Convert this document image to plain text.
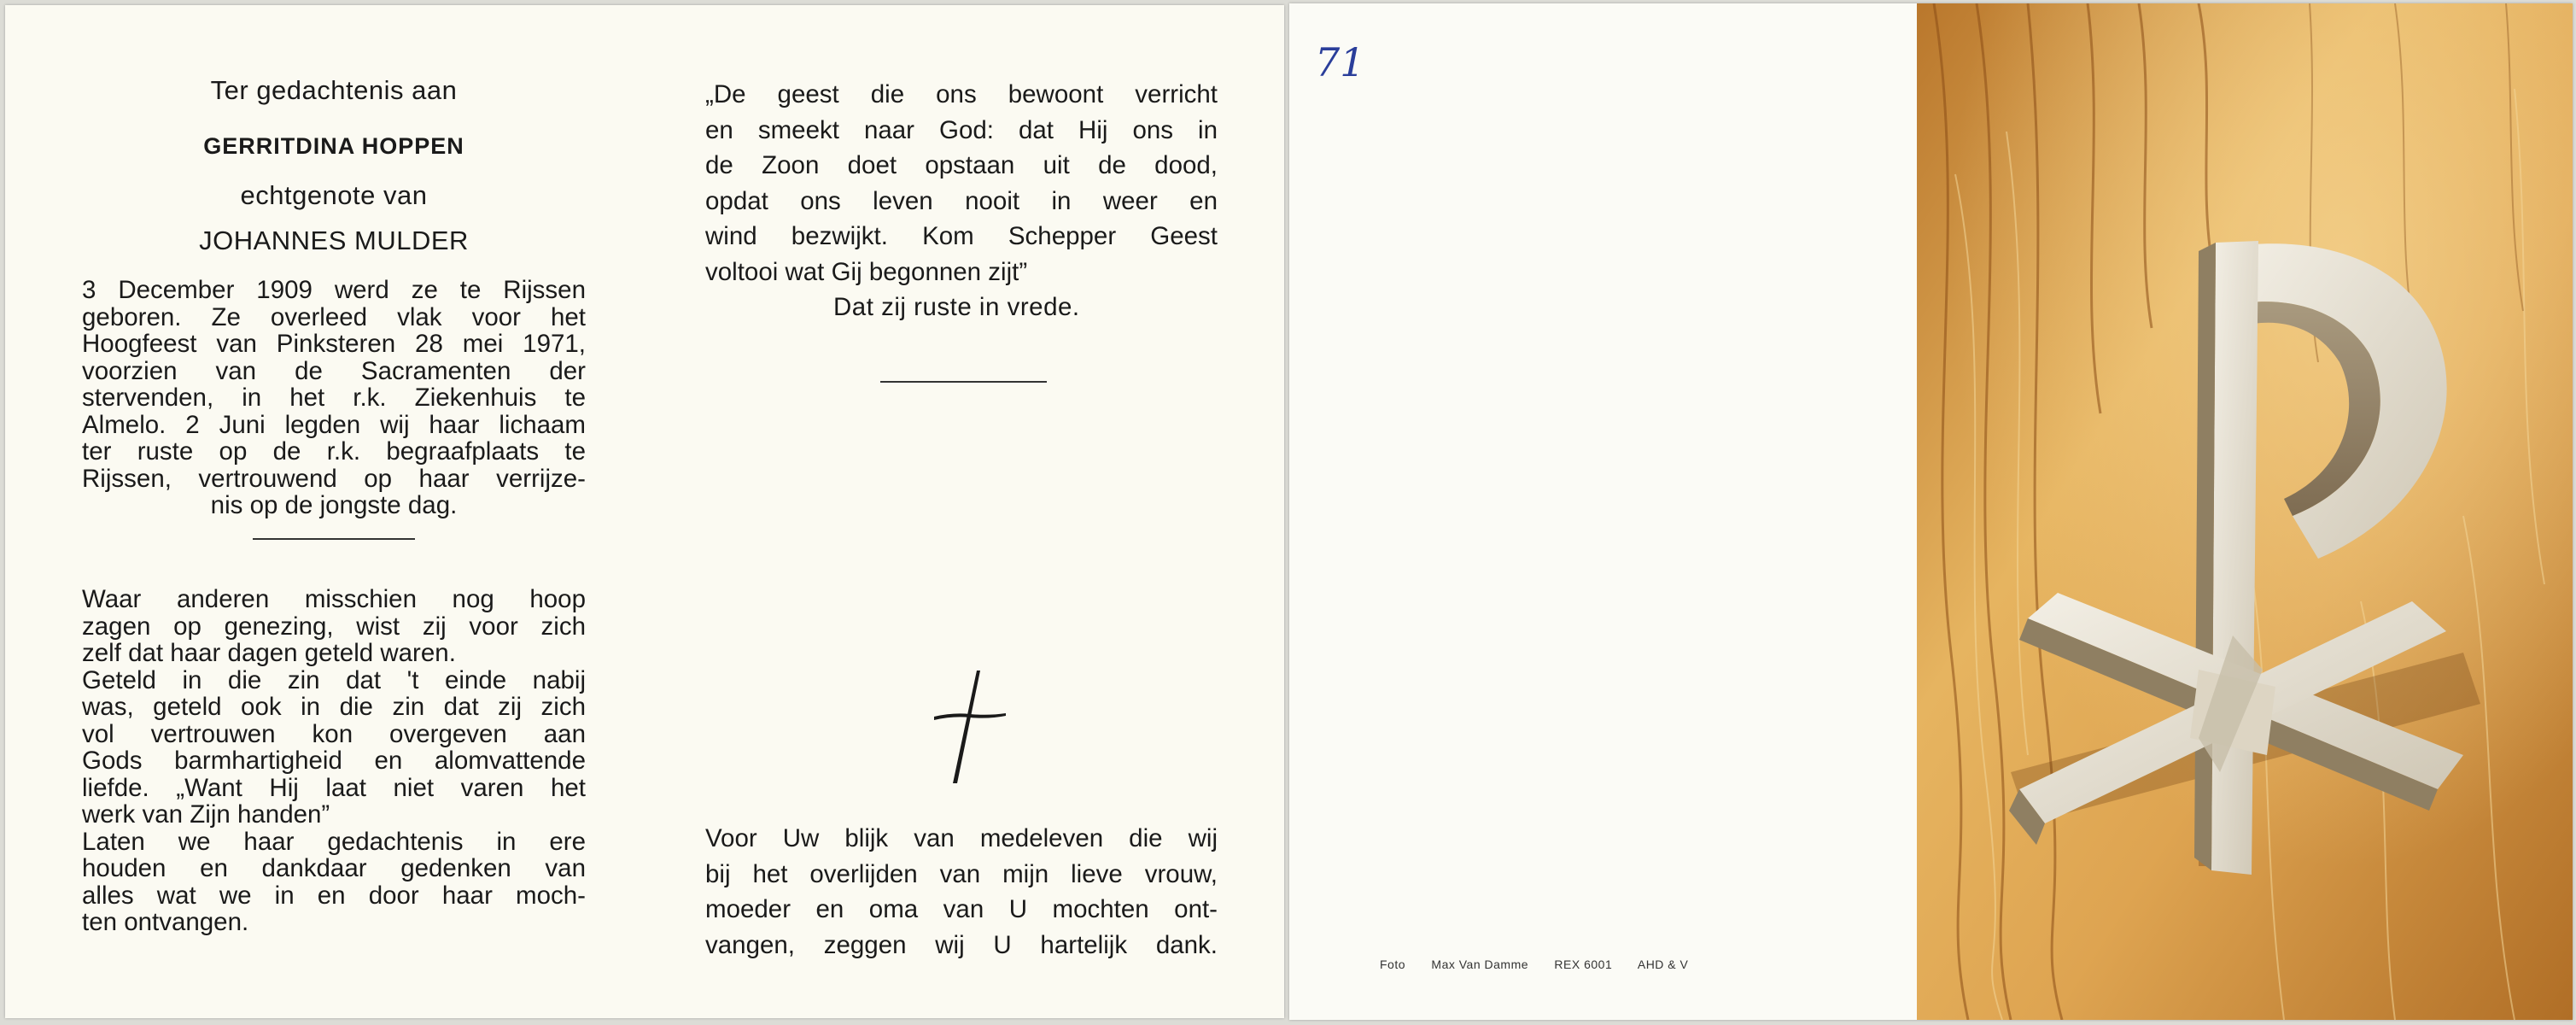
Ter gedachtenis aan
GERRITDINA HOPPEN
echtgenote van
JOHANNES MULDER
3 December 1909 werd ze te Rijssen
geboren. Ze overleed vlak voor het
Hoogfeest van Pinksteren 28 mei 1971,
voorzien van de Sacramenten der
stervenden, in het r.k. Ziekenhuis te
Almelo. 2 Juni legden wij haar lichaam
ter ruste op de r.k. begraafplaats te
Rijssen, vertrouwend op haar verrijze-
nis op de jongste dag.
Waar anderen misschien nog hoop
zagen op genezing, wist zij voor zich
zelf dat haar dagen geteld waren.
Geteld in die zin dat 't einde nabij
was, geteld ook in die zin dat zij zich
vol vertrouwen kon overgeven aan
Gods barmhartigheid en alomvattende
liefde. „Want Hij laat niet varen het
werk van Zijn handen”
Laten we haar gedachtenis in ere
houden en dankdaar gedenken van
alles wat we in en door haar moch-
ten ontvangen.
„De geest die ons bewoont verricht
en smeekt naar God: dat Hij ons in
de Zoon doet opstaan uit de dood,
opdat ons leven nooit in weer en
wind bezwijkt. Kom Schepper Geest
voltooi wat Gij begonnen zijt”
Dat zij ruste in vrede.
Voor Uw blijk van medeleven die wij
bij het overlijden van mijn lieve vrouw,
moeder en oma van U mochten ont-
vangen, zeggen wij U hartelijk dank.
71
Foto Max Van Damme REX 6001 AHD & V
